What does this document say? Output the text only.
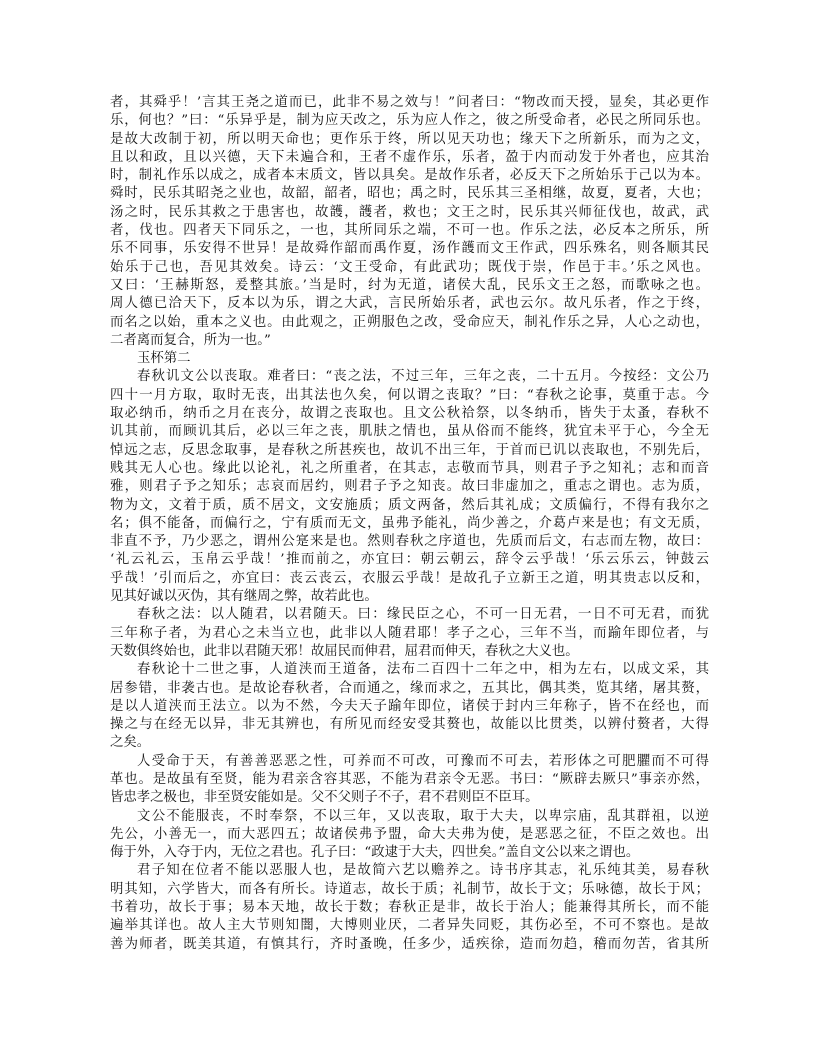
者，其舜乎！’言其王尧之道而已，此非不易之效与！”问者曰：“物改而天授，显矣，其必更作
乐，何也？”曰：“乐异乎是，制为应天改之，乐为应人作之，彼之所受命者，必民之所同乐也。
是故大改制于初，所以明天命也；更作乐于终，所以见天功也；缘天下之所新乐，而为之文，
且以和政，且以兴德，天下未遍合和，王者不虚作乐，乐者，盈于内而动发于外者也，应其治
时，制礼作乐以成之，成者本末质文，皆以具矣。是故作乐者，必反天下之所始乐于己以为本。
舜时，民乐其昭尧之业也，故韶，韶者，昭也；禹之时，民乐其三圣相继，故夏，夏者，大也；
汤之时，民乐其救之于患害也，故頀，頀者，救也；文王之时，民乐其兴师征伐也，故武，武
者，伐也。四者天下同乐之，一也，其所同乐之端，不可一也。作乐之法，必反本之所乐，所
乐不同事，乐安得不世异！是故舜作韶而禹作夏，汤作頀而文王作武，四乐殊名，则各顺其民
始乐于己也，吾见其效矣。诗云：‘文王受命，有此武功；既伐于崇，作邑于丰。’乐之风也。
又曰：‘王赫斯怒，爰整其旅。’当是时，纣为无道，诸侯大乱，民乐文王之怒，而歌咏之也。
周人德已洽天下，反本以为乐，谓之大武，言民所始乐者，武也云尔。故凡乐者，作之于终，
而名之以始，重本之义也。由此观之，正朔服色之改，受命应天，制礼作乐之异，人心之动也，
二者离而复合，所为一也。”
玉杯第二
春秋讥文公以丧取。难者曰：“丧之法，不过三年，三年之丧，二十五月。今按经：文公乃
四十一月方取，取时无丧，出其法也久矣，何以谓之丧取？”曰：“春秋之论事，莫重于志。今
取必纳币，纳币之月在丧分，故谓之丧取也。且文公秋祫祭，以冬纳币，皆失于太蚤，春秋不
讥其前，而顾讥其后，必以三年之丧，肌肤之情也，虽从俗而不能终，犹宜未平于心，今全无
悼远之志，反思念取事，是春秋之所甚疾也，故讥不出三年，于首而已讥以丧取也，不别先后，
贱其无人心也。缘此以论礼，礼之所重者，在其志，志敬而节具，则君子予之知礼；志和而音
雅，则君子予之知乐；志哀而居约，则君子予之知丧。故曰非虚加之，重志之谓也。志为质，
物为文，文着于质，质不居文，文安施质；质文两备，然后其礼成；文质偏行，不得有我尔之
名；俱不能备，而偏行之，宁有质而无文，虽弗予能礼，尚少善之，介葛卢来是也；有文无质，
非直不予，乃少恶之，谓州公寔来是也。然则春秋之序道也，先质而后文，右志而左物，故曰：
‘礼云礼云，玉帛云乎哉！’推而前之，亦宜曰：朝云朝云，辞令云乎哉！‘乐云乐云，钟鼓云
乎哉！’引而后之，亦宜曰：丧云丧云，衣服云乎哉！是故孔子立新王之道，明其贵志以反和，
见其好诚以灭伪，其有继周之弊，故若此也。
春秋之法：以人随君，以君随天。曰：缘民臣之心，不可一日无君，一日不可无君，而犹
三年称子者，为君心之未当立也，此非以人随君耶！孝子之心，三年不当，而踰年即位者，与
天数俱终始也，此非以君随天邪！故屈民而伸君，屈君而伸天，春秋之大义也。
春秋论十二世之事，人道浃而王道备，法布二百四十二年之中，相为左右，以成文采，其
居参错，非袭古也。是故论春秋者，合而通之，缘而求之，五其比，偶其类，览其绪，屠其赘，
是以人道浃而王法立。以为不然，今夫天子踰年即位，诸侯于封内三年称子，皆不在经也，而
操之与在经无以异，非无其辨也，有所见而经安受其赘也，故能以比贯类，以辨付赘者，大得
之矣。
人受命于天，有善善恶恶之性，可养而不可改，可豫而不可去，若形体之可肥臞而不可得
革也。是故虽有至贤，能为君亲含容其恶，不能为君亲令无恶。书曰：“厥辟去厥只”事亲亦然，
皆忠孝之极也，非至贤安能如是。父不父则子不子，君不君则臣不臣耳。
文公不能服丧，不时奉祭，不以三年，又以丧取，取于大夫，以卑宗庙，乱其群祖，以逆
先公，小善无一，而大恶四五；故诸侯弗予盟，命大夫弗为使，是恶恶之征，不臣之效也。出
侮于外，入夺于内，无位之君也。孔子曰：“政逮于大夫，四世矣。”盖自文公以来之谓也。
君子知在位者不能以恶服人也，是故简六艺以赡养之。诗书序其志，礼乐纯其美，易春秋
明其知，六学皆大，而各有所长。诗道志，故长于质；礼制节，故长于文；乐咏德，故长于风；
书着功，故长于事；易本天地，故长于数；春秋正是非，故长于治人；能兼得其所长，而不能
遍举其详也。故人主大节则知闇，大博则业厌，二者异失同贬，其伤必至，不可不察也。是故
善为师者，既美其道，有慎其行，齐时蚤晚，任多少，适疾徐，造而勿趋，稽而勿苦，省其所
